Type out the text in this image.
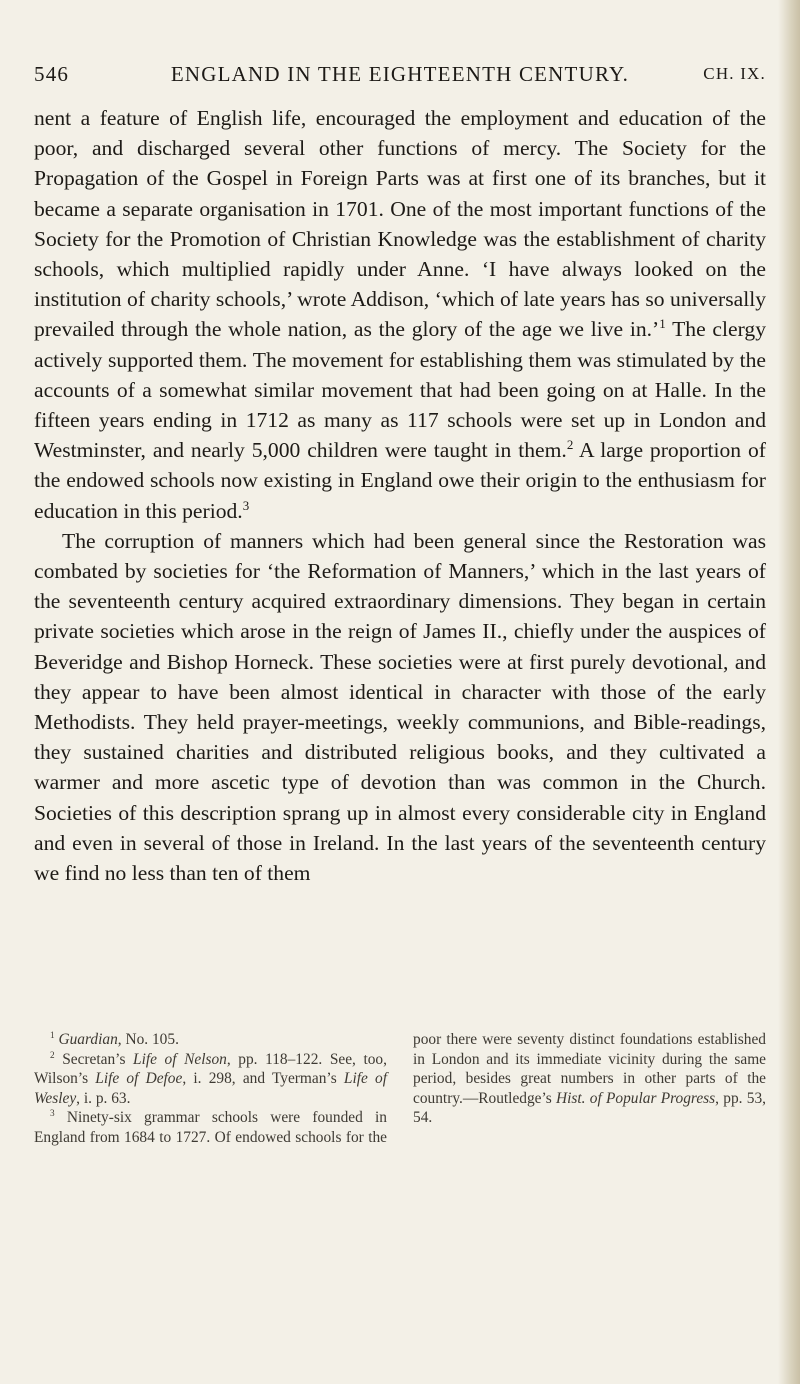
546	ENGLAND IN THE EIGHTEENTH CENTURY.	CH. IX.

nent a feature of English life, encouraged the employment and education of the poor, and discharged several other functions of mercy. The Society for the Propagation of the Gospel in Foreign Parts was at first one of its branches, but it became a separate organisation in 1701. One of the most important functions of the Society for the Promotion of Christian Knowledge was the establishment of charity schools, which multiplied rapidly under Anne. ‘I have always looked on the institution of charity schools,’ wrote Addison, ‘which of late years has so universally prevailed through the whole nation, as the glory of the age we live in.’$^1$ The clergy actively supported them. The movement for establishing them was stimulated by the accounts of a somewhat similar movement that had been going on at Halle. In the fifteen years ending in 1712 as many as 117 schools were set up in London and Westminster, and nearly 5,000 children were taught in them.$^2$ A large proportion of the endowed schools now existing in England owe their origin to the enthusiasm for education in this period.$^3$

The corruption of manners which had been general since the Restoration was combated by societies for ‘the Reformation of Manners,’ which in the last years of the seventeenth century acquired extraordinary dimensions. They began in certain private societies which arose in the reign of James II., chiefly under the auspices of Beveridge and Bishop Horneck. These societies were at first purely devotional, and they appear to have been almost identical in character with those of the early Methodists. They held prayer-meetings, weekly communions, and Bible-readings, they sustained charities and distributed religious books, and they cultivated a warmer and more ascetic type of devotion than was common in the Church. Societies of this description sprang up in almost every considerable city in England and even in several of those in Ireland. In the last years of the seventeenth century we find no less than ten of them

$^1$ Guardian, No. 105.

$^2$ Secretan’s Life of Nelson, pp. 118–122. See, too, Wilson’s Life of Defoe, i. 298, and Tyerman’s Life of Wesley, i. p. 63.

$^3$ Ninety-six grammar schools were founded in England from 1684 to 1727. Of endowed schools for the poor there were seventy distinct foundations established in London and its immediate vicinity during the same period, besides great numbers in other parts of the country.—Routledge’s Hist. of Popular Progress, pp. 53, 54.
